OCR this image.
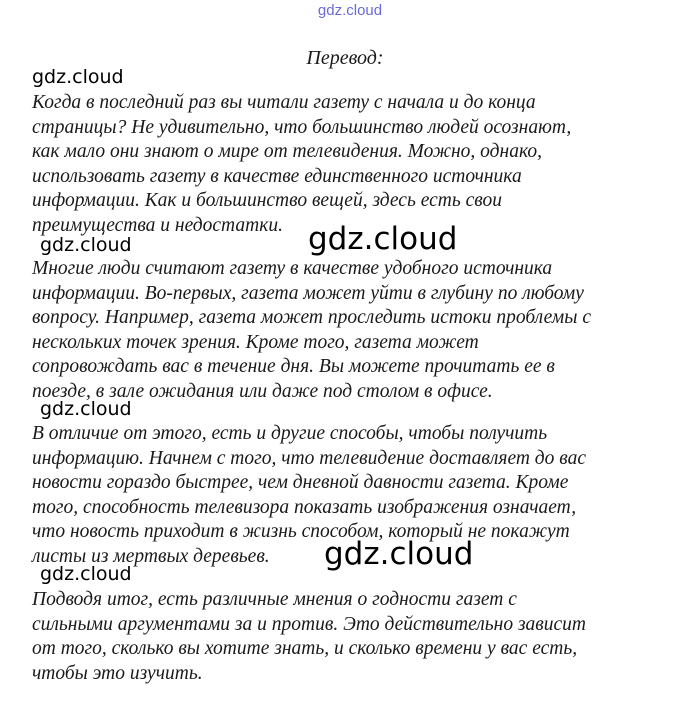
gdz.cloud
Перевод:
gdz.cloud
Когда в последний раз вы читали газету с начала и до конца
страницы? Не удивительно, что большинство людей осознают,
как мало они знают о мире от телевидения. Можно, однако,
использовать газету в качестве единственного источника
информации. Как и большинство вещей, здесь есть свои
преимущества и недостатки. gdz.cloud
gdz.cloud
Многие люди считают газету в качестве удобного источника
информации. Во-первых, газета может уйти в глубину по любому
вопросу. Например, газета может проследить истоки проблемы с
нескольких точек зрения. Кроме того, газета может
сопровождать вас в течение дня. Вы можете прочитать ее в
поезде, в зале ожидания или даже под столом в офисе.
gdz.cloud
В отличие от этого, есть и другие способы, чтобы получить
информацию. Начнем с того, что телевидение доставляет до вас
новости гораздо быстрее, чем дневной давности газета. Кроме
того, способность телевизора показать изображения означает,
что новость приходит в жизнь способом, который не покажут
листы из мертвых деревьев.	gdz.cloud
gdz.cloud
Подводя итог, есть различные мнения о годности газет с
сильными аргументами за и против. Это действительно зависит
от того, сколько вы хотите знать, и сколько времени у вас есть,
чтобы это изучить.
